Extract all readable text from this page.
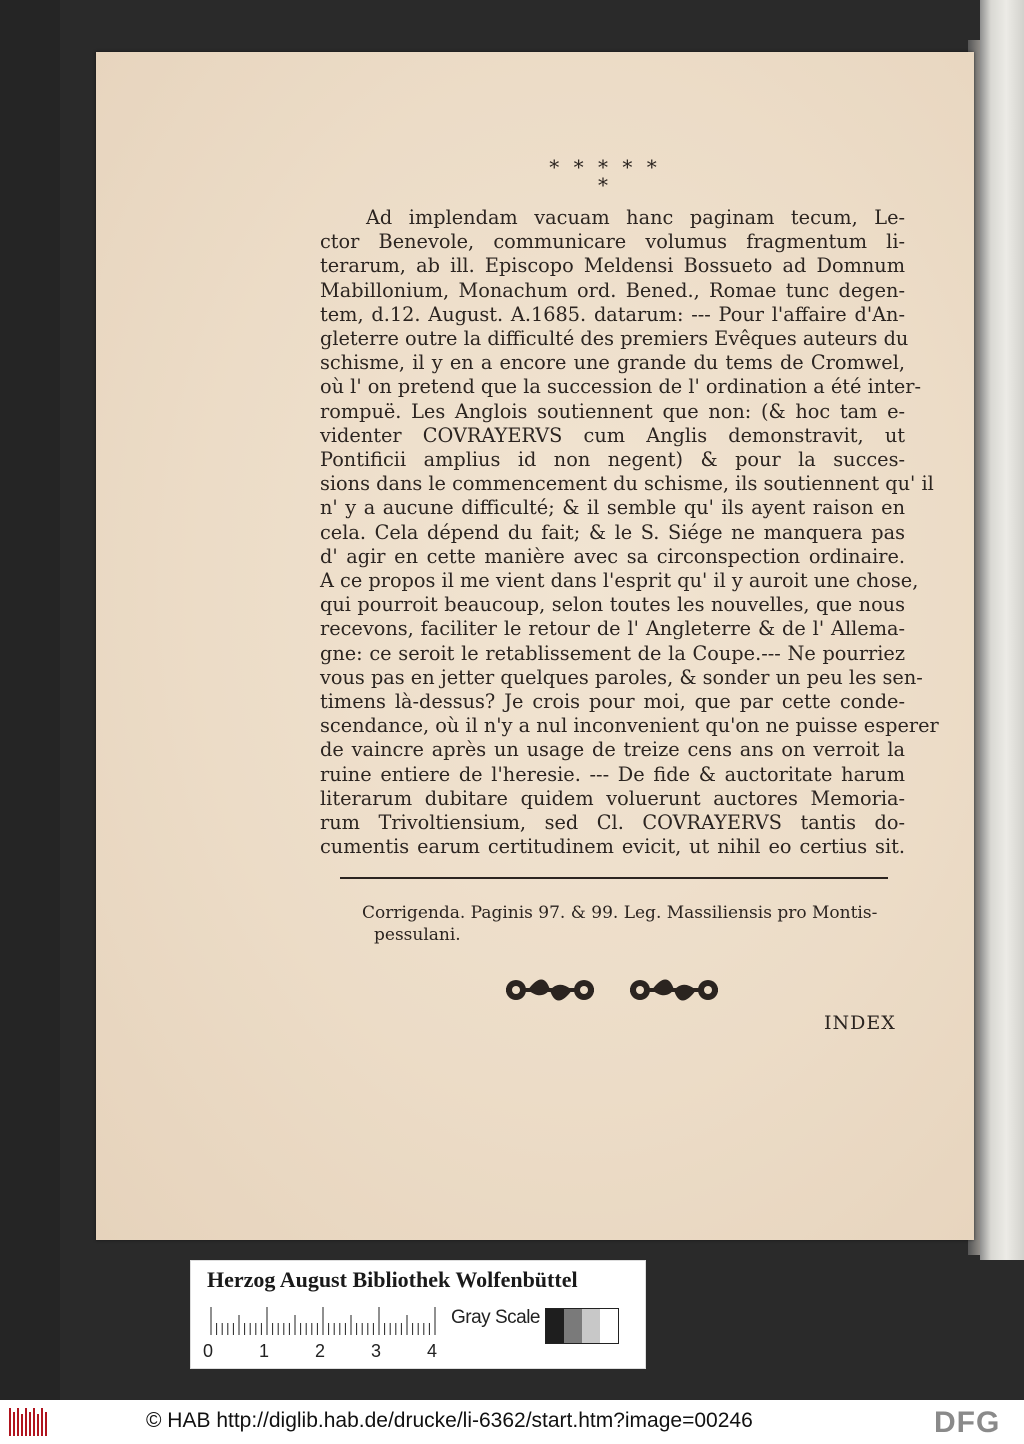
* * * * * *

Ad implendam vacuam hanc paginam tecum, Le-

ctor Benevole, communicare volumus fragmentum li-

terarum, ab ill. Episcopo Meldensi Bossueto ad Domnum

Mabillonium, Monachum ord. Bened., Romae tunc degen-

tem, d.12. August. A.1685. datarum: --- Pour l'affaire d'An-

gleterre outre la difficulté des premiers Evêques auteurs du

schisme, il y en a encore une grande du tems de Cromwel,

où l' on pretend que la succession de l' ordination a été inter-

rompuë. Les Anglois soutiennent que non: (& hoc tam e-

videnter COVRAYERVS cum Anglis demonstravit, ut

Pontificii amplius id non negent) & pour la succes-

sions dans le commencement du schisme, ils soutiennent qu' il

n' y a aucune difficulté; & il semble qu' ils ayent raison en

cela. Cela dépend du fait; & le S. Siége ne manquera pas

d' agir en cette manière avec sa circonspection ordinaire.

A ce propos il me vient dans l'esprit qu' il y auroit une chose,

qui pourroit beaucoup, selon toutes les nouvelles, que nous

recevons, faciliter le retour de l' Angleterre & de l' Allema-

gne: ce seroit le retablissement de la Coupe.--- Ne pourriez

vous pas en jetter quelques paroles, & sonder un peu les sen-

timens là-dessus? Je crois pour moi, que par cette conde-

scendance, où il n'y a nul inconvenient qu'on ne puisse esperer

de vaincre après un usage de treize cens ans on verroit la

ruine entiere de l'heresie. --- De fide & auctoritate harum

literarum dubitare quidem voluerunt auctores Memoria-

rum Trivoltiensium, sed Cl. COVRAYERVS tantis do-

cumentis earum certitudinem evicit, ut nihil eo certius sit.

Corrigenda. Paginis 97. & 99. Leg. Massiliensis pro Montis-
pessulani.
INDEX
Herzog August Bibliothek Wolfenbüttel
0	1	2	3	4
Gray Scale
© HAB http://diglib.hab.de/drucke/li-6362/start.htm?image=00246	DFG
